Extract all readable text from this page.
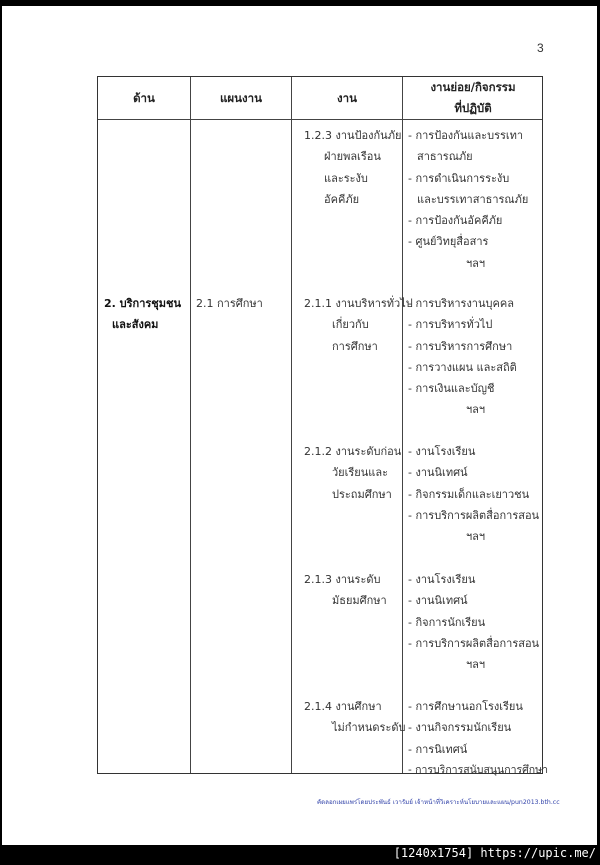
3
ด้าน	แผนงาน	งาน
งานย่อย/กิจกรรม
ที่ปฏิบัติ
2. บริการชุมชน
และสังคม
2.1 การศึกษา
1.2.3 งานป้องกันภัย
ฝ่ายพลเรือน
และระงับ
อัคคีภัย
- การป้องกันและบรรเทา
สาธารณภัย
- การดำเนินการระงับ
และบรรเทาสาธารณภัย
- การป้องกันอัคคีภัย
- ศูนย์วิทยุสื่อสาร
ฯลฯ
2.1.1 งานบริหารทั่วไป
เกี่ยวกับ
การศึกษา
- การบริหารงานบุคคล
- การบริหารทั่วไป
- การบริหารการศึกษา
- การวางแผน และสถิติ
- การเงินและบัญชี
ฯลฯ
2.1.2 งานระดับก่อน
วัยเรียนและ
ประถมศึกษา
- งานโรงเรียน
- งานนิเทศน์
- กิจกรรมเด็กและเยาวชน
- การบริการผลิตสื่อการสอน
ฯลฯ
2.1.3 งานระดับ
มัธยมศึกษา
- งานโรงเรียน
- งานนิเทศน์
- กิจการนักเรียน
- การบริการผลิตสื่อการสอน
ฯลฯ
2.1.4 งานศึกษา
ไม่กำหนดระดับ
- การศึกษานอกโรงเรียน
- งานกิจกรรมนักเรียน
- การนิเทศน์
- การบริการสนับสนุนการศึกษา
คัดลอกเผยแพร่โดยประพันธ์ เวารัมย์ เจ้าหน้าที่วิเคราะห์นโยบายและแผน/pun2013.bth.cc
[1240x1754] https://upic.me/
